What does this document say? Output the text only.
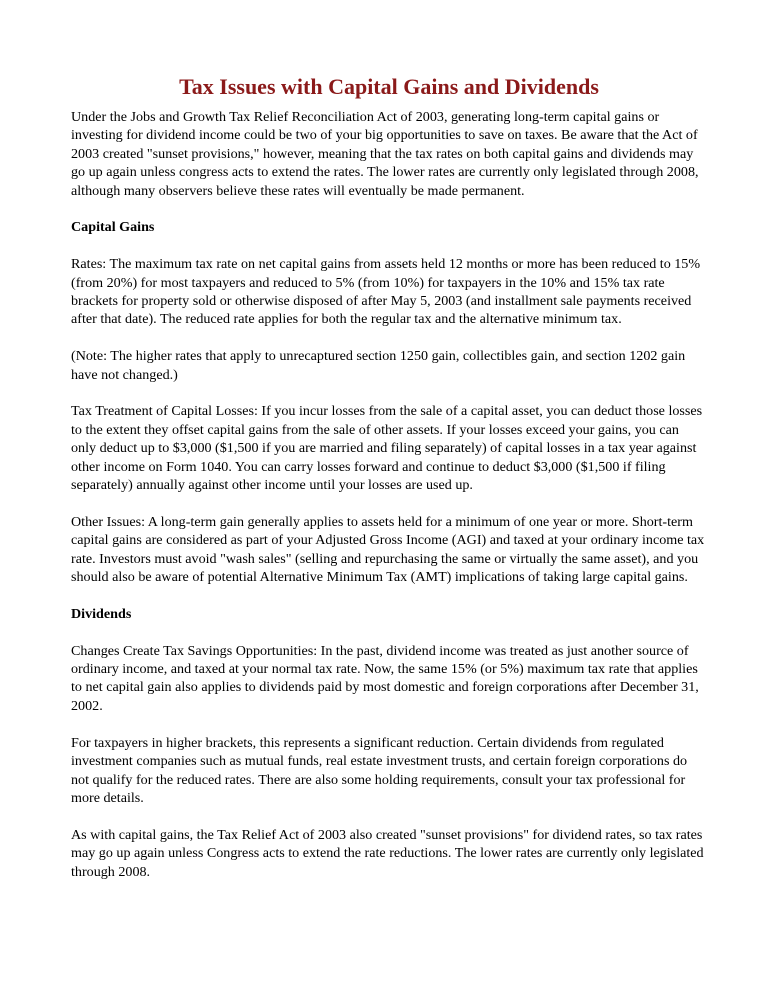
Tax Issues with Capital Gains and Dividends

Under the Jobs and Growth Tax Relief Reconciliation Act of 2003, generating long-term capital gains or investing for dividend income could be two of your big opportunities to save on taxes. Be aware that the Act of 2003 created "sunset provisions," however, meaning that the tax rates on both capital gains and dividends may go up again unless congress acts to extend the rates. The lower rates are currently only legislated through 2008, although many observers believe these rates will eventually be made permanent.

Capital Gains

Rates: The maximum tax rate on net capital gains from assets held 12 months or more has been reduced to 15% (from 20%) for most taxpayers and reduced to 5% (from 10%) for taxpayers in the 10% and 15% tax rate brackets for property sold or otherwise disposed of after May 5, 2003 (and installment sale payments received after that date). The reduced rate applies for both the regular tax and the alternative minimum tax.

(Note: The higher rates that apply to unrecaptured section 1250 gain, collectibles gain, and section 1202 gain have not changed.)

Tax Treatment of Capital Losses: If you incur losses from the sale of a capital asset, you can deduct those losses to the extent they offset capital gains from the sale of other assets. If your losses exceed your gains, you can only deduct up to $3,000 ($1,500 if you are married and filing separately) of capital losses in a tax year against other income on Form 1040. You can carry losses forward and continue to deduct $3,000 ($1,500 if filing separately) annually against other income until your losses are used up.

Other Issues: A long-term gain generally applies to assets held for a minimum of one year or more. Short-term capital gains are considered as part of your Adjusted Gross Income (AGI) and taxed at your ordinary income tax rate. Investors must avoid "wash sales" (selling and repurchasing the same or virtually the same asset), and you should also be aware of potential Alternative Minimum Tax (AMT) implications of taking large capital gains.

Dividends

Changes Create Tax Savings Opportunities: In the past, dividend income was treated as just another source of ordinary income, and taxed at your normal tax rate. Now, the same 15% (or 5%) maximum tax rate that applies to net capital gain also applies to dividends paid by most domestic and foreign corporations after December 31, 2002.

For taxpayers in higher brackets, this represents a significant reduction. Certain dividends from regulated investment companies such as mutual funds, real estate investment trusts, and certain foreign corporations do not qualify for the reduced rates. There are also some holding requirements, consult your tax professional for more details.

As with capital gains, the Tax Relief Act of 2003 also created "sunset provisions" for dividend rates, so tax rates may go up again unless Congress acts to extend the rate reductions. The lower rates are currently only legislated through 2008.
